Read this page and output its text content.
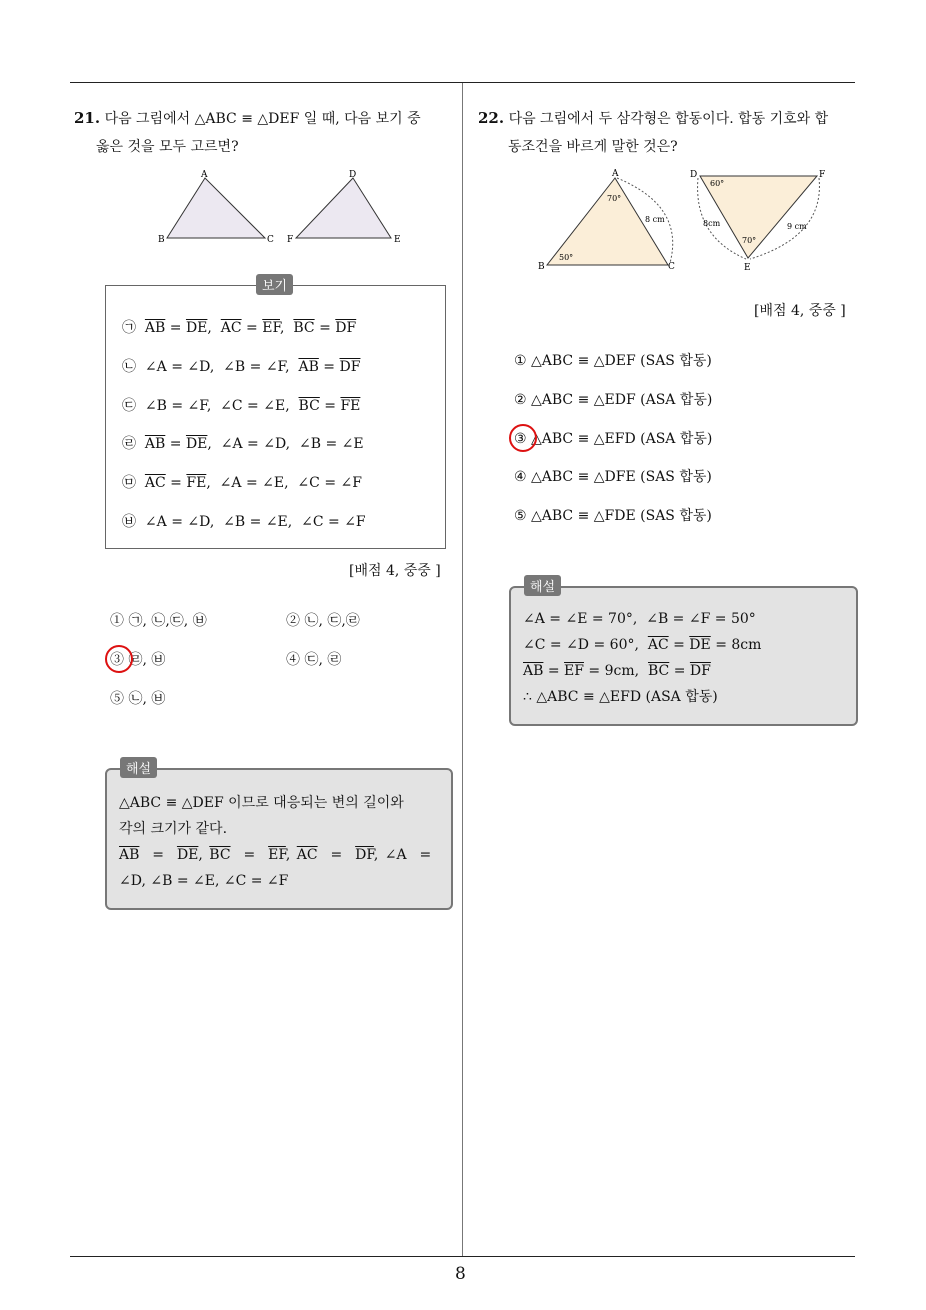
8
21. 다음 그림에서 △ABC ≡ △DEF 일 때, 다음 보기 중
옳은 것을 모두 고르면?
A
B	C
D
F	E
보기
㉠ $\overline{AB} = \overline{DE}$,  $\overline{AC} = \overline{EF}$,  $\overline{BC} = \overline{DF}$
㉡  ∠A = ∠D,  ∠B = ∠F,  $\overline{AB} = \overline{DF}$
㉢  ∠B = ∠F,  ∠C = ∠E,  $\overline{BC} = \overline{FE}$
㉣ $\overline{AB} = \overline{DE}$,  ∠A = ∠D,  ∠B = ∠E
㉤ $\overline{AC} = \overline{FE}$,  ∠A = ∠E,  ∠C = ∠F
㉥  ∠A = ∠D,  ∠B = ∠E,  ∠C = ∠F
[배점 4, 중중 ]
① ㉠, ㉡,㉢, ㉥	② ㉡, ㉢,㉣
③ ㉣, ㉥	④ ㉢, ㉣
⑤ ㉡, ㉥

△ABC ≡ △DEF 이므로 대응되는 변의 길이와

각의 크기가 같다.

$\overline{AB} = \overline{DE}$, $\overline{BC} = \overline{EF}$, $\overline{AC} = \overline{DF}$, ∠A  =

∠D, ∠B = ∠E, ∠C = ∠F

해설
22. 다음 그림에서 두 삼각형은 합동이다. 합동 기호와 합
동조건을 바르게 말한 것은?
A
B	C
D	F
E
70°
50°
60°
70°
8 cm	8cm	9 cm
[배점 4, 중중 ]
① △ABC ≡ △DEF (SAS 합동)
② △ABC ≡ △EDF (ASA 합동)
③ △ABC ≡ △EFD (ASA 합동)
④ △ABC ≡ △DFE (SAS 합동)
⑤ △ABC ≡ △FDE (SAS 합동)

∠A = ∠E = 70°,  ∠B = ∠F = 50°

∠C = ∠D = 60°,  $\overline{AC} = \overline{DE} = 8cm$

$\overline{AB} = \overline{EF} = 9cm$,  $\overline{BC} = \overline{DF}$

∴ △ABC ≡ △EFD (ASA 합동)

해설
